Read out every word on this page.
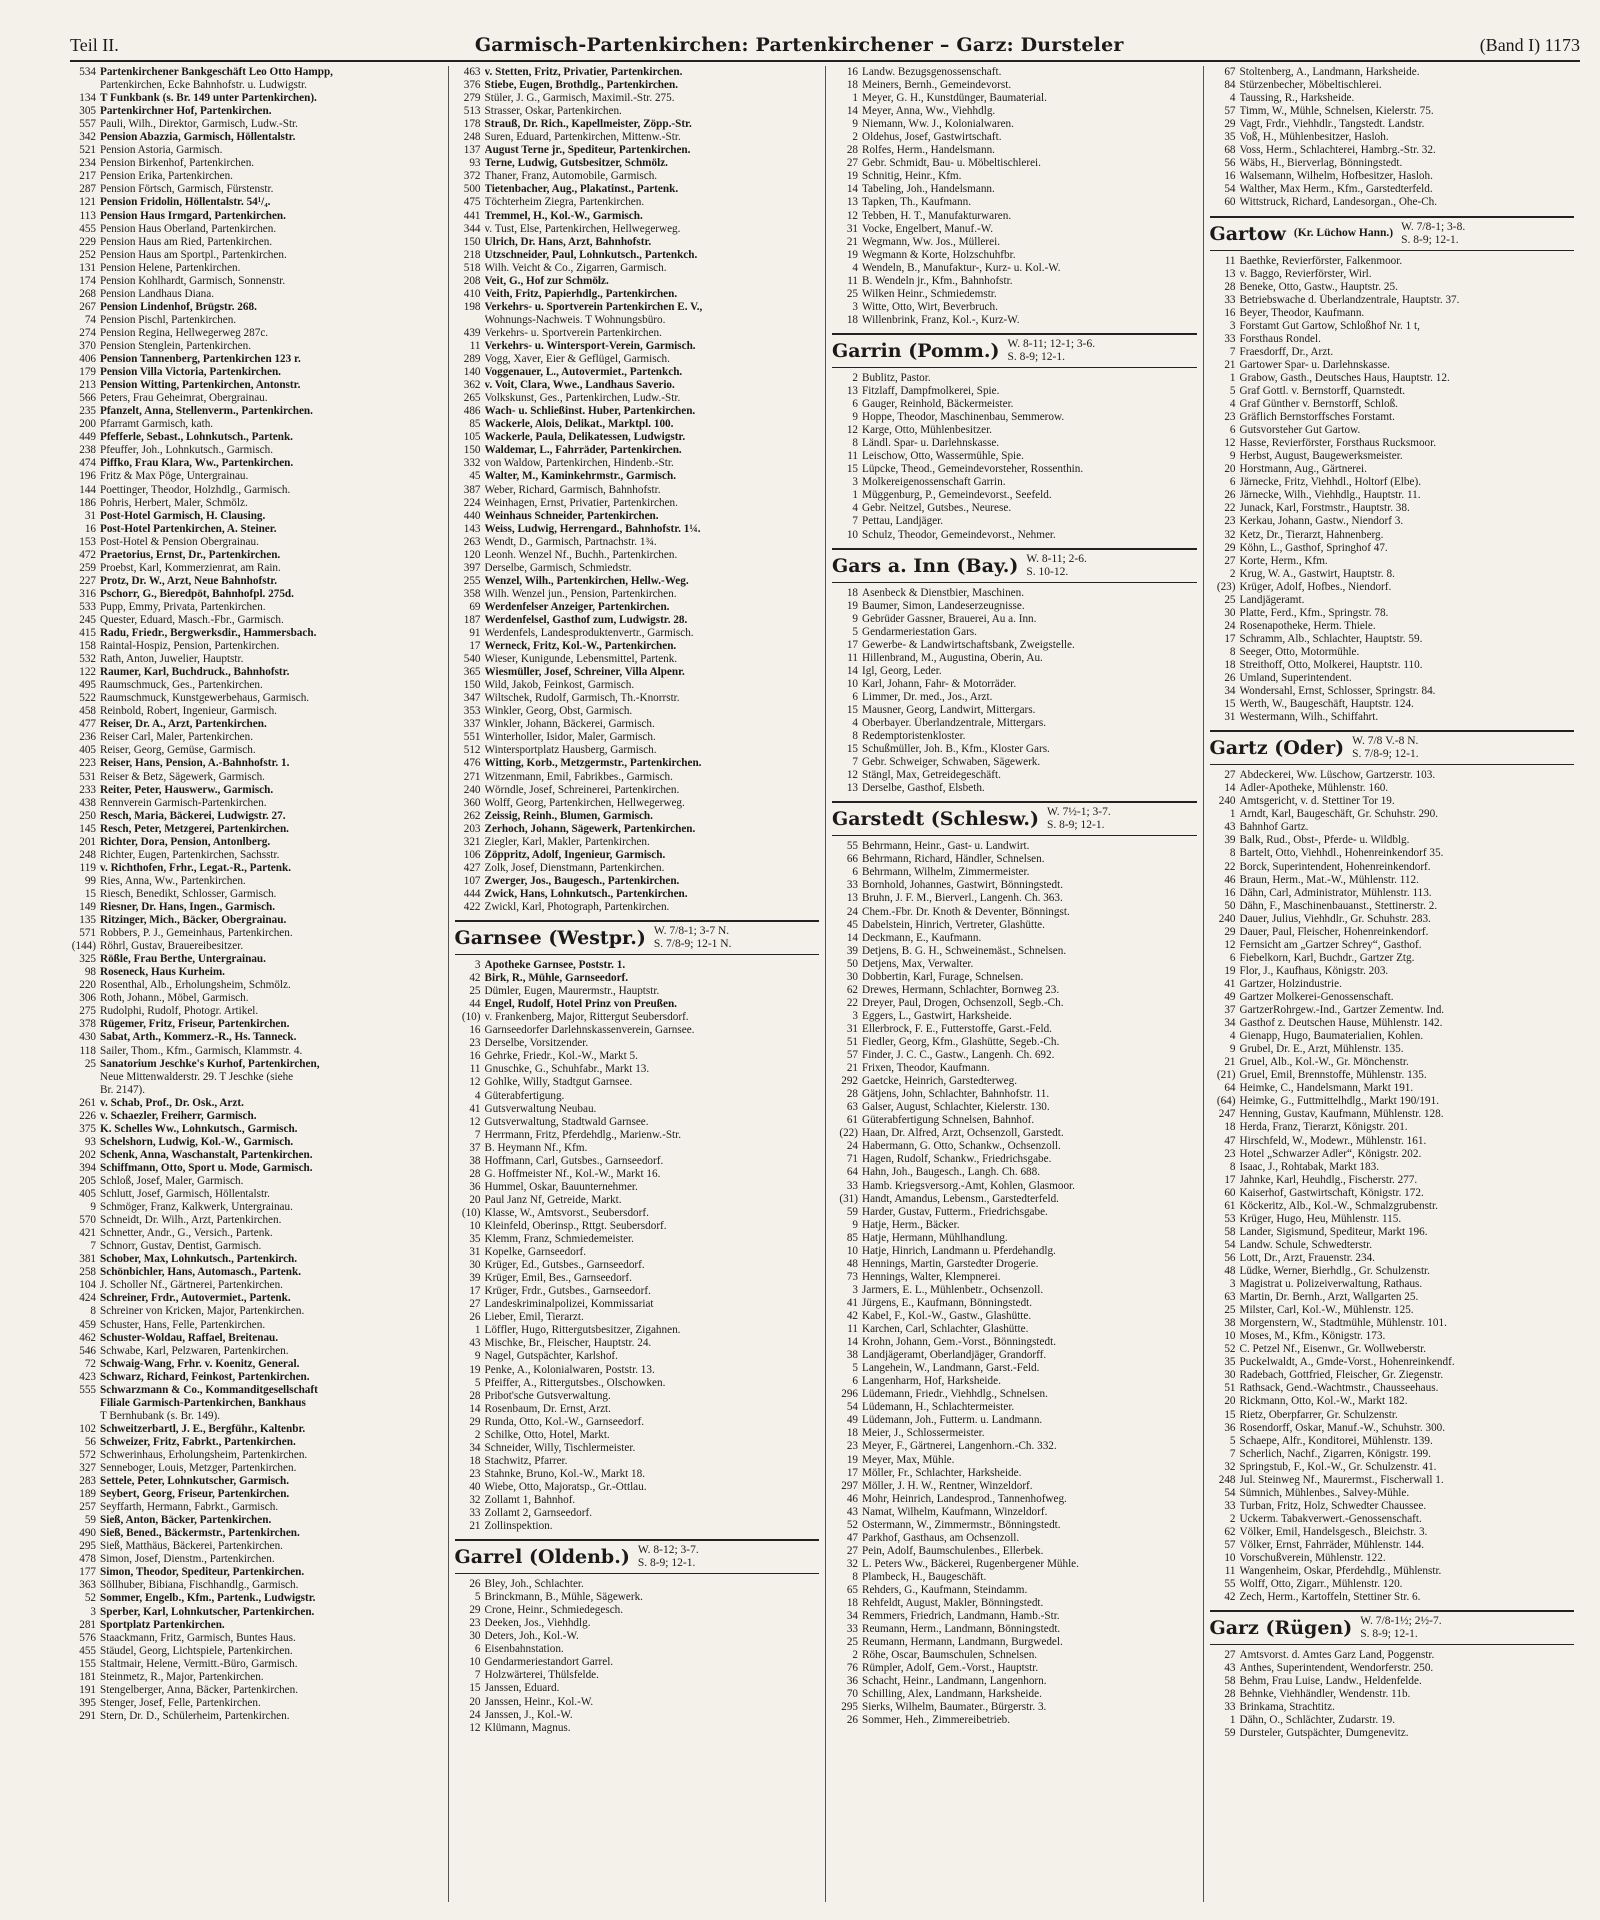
Teil II.	Garmisch-Partenkirchen: Partenkirchener – Garz: Dursteler	(Band I) 1173
534 Partenkirchener Bankgeschäft Leo Otto Hampp,
Partenkirchen, Ecke Bahnhofstr. u. Ludwigstr.
134 T Funkbank (s. Br. 149 unter Partenkirchen).
305 Partenkirchner Hof, Partenkirchen.
557 Pauli, Wilh., Direktor, Garmisch, Ludw.-Str.
342 Pension Abazzia, Garmisch, Höllentalstr.
521 Pension Astoria, Garmisch.
234 Pension Birkenhof, Partenkirchen.
217 Pension Erika, Partenkirchen.
287 Pension Förtsch, Garmisch, Fürstenstr.
121 Pension Fridolin, Höllentalstr. 54¹/₄.
113 Pension Haus Irmgard, Partenkirchen.
455 Pension Haus Oberland, Partenkirchen.
229 Pension Haus am Ried, Partenkirchen.
252 Pension Haus am Sportpl., Partenkirchen.
131 Pension Helene, Partenkirchen.
174 Pension Kohlhardt, Garmisch, Sonnenstr.
268 Pension Landhaus Diana.
267 Pension Lindenhof, Brügstr. 268.
74 Pension Pischl, Partenkirchen.
274 Pension Regina, Hellwegerweg 287c.
370 Pension Stenglein, Partenkirchen.
406 Pension Tannenberg, Partenkirchen 123 r.
179 Pension Villa Victoria, Partenkirchen.
213 Pension Witting, Partenkirchen, Antonstr.
566 Peters, Frau Geheimrat, Obergrainau.
235 Pfanzelt, Anna, Stellenverm., Partenkirchen.
200 Pfarramt Garmisch, kath.
449 Pfefferle, Sebast., Lohnkutsch., Partenk.
238 Pfeuffer, Joh., Lohnkutsch., Garmisch.
474 Piffko, Frau Klara, Ww., Partenkirchen.
196 Fritz & Max Pöge, Untergrainau.
144 Poettinger, Theodor, Holzhdlg., Garmisch.
186 Pohris, Herbert, Maler, Schmölz.
31 Post-Hotel Garmisch, H. Clausing.
16 Post-Hotel Partenkirchen, A. Steiner.
153 Post-Hotel & Pension Obergrainau.
472 Praetorius, Ernst, Dr., Partenkirchen.
259 Proebst, Karl, Kommerzienrat, am Rain.
227 Protz, Dr. W., Arzt, Neue Bahnhofstr.
316 Pschorr, G., Bieredpöt, Bahnhofpl. 275d.
533 Pupp, Emmy, Privata, Partenkirchen.
245 Quester, Eduard, Masch.-Fbr., Garmisch.
415 Radu, Friedr., Bergwerksdir., Hammersbach.
158 Raintal-Hospiz, Pension, Partenkirchen.
532 Rath, Anton, Juwelier, Hauptstr.
122 Raumer, Karl, Buchdruck., Bahnhofstr.
495 Raumschmuck, Ges., Partenkirchen.
522 Raumschmuck, Kunstgewerbehaus, Garmisch.
458 Reinbold, Robert, Ingenieur, Garmisch.
477 Reiser, Dr. A., Arzt, Partenkirchen.
236 Reiser Carl, Maler, Partenkirchen.
405 Reiser, Georg, Gemüse, Garmisch.
223 Reiser, Hans, Pension, A.-Bahnhofstr. 1.
531 Reiser & Betz, Sägewerk, Garmisch.
233 Reiter, Peter, Hauswerw., Garmisch.
438 Rennverein Garmisch-Partenkirchen.
250 Resch, Maria, Bäckerei, Ludwigstr. 27.
145 Resch, Peter, Metzgerei, Partenkirchen.
201 Richter, Dora, Pension, Antonlberg.
248 Richter, Eugen, Partenkirchen, Sachsstr.
119 v. Richthofen, Frhr., Legat.-R., Partenk.
99 Ries, Anna, Ww., Partenkirchen.
15 Riesch, Benedikt, Schlosser, Garmisch.
149 Riesner, Dr. Hans, Ingen., Garmisch.
135 Ritzinger, Mich., Bäcker, Obergrainau.
571 Robbers, P. J., Gemeinhaus, Partenkirchen.
(144) Röhrl, Gustav, Brauereibesitzer.
325 Rößle, Frau Berthe, Untergrainau.
98 Roseneck, Haus Kurheim.
220 Rosenthal, Alb., Erholungsheim, Schmölz.
306 Roth, Johann., Möbel, Garmisch.
275 Rudolphi, Rudolf, Photogr. Artikel.
378 Rügemer, Fritz, Friseur, Partenkirchen.
430 Sabat, Arth., Kommerz.-R., Hs. Tanneck.
118 Sailer, Thom., Kfm., Garmisch, Klammstr. 4.
25 Sanatorium Jeschke's Kurhof, Partenkirchen,
Neue Mittenwalderstr. 29. T Jeschke (siehe
Br. 2147).
261 v. Schab, Prof., Dr. Osk., Arzt.
226 v. Schaezler, Freiherr, Garmisch.
375 K. Schelles Ww., Lohnkutsch., Garmisch.
93 Schelshorn, Ludwig, Kol.-W., Garmisch.
202 Schenk, Anna, Waschanstalt, Partenkirchen.
394 Schiffmann, Otto, Sport u. Mode, Garmisch.
205 Schloß, Josef, Maler, Garmisch.
405 Schlutt, Josef, Garmisch, Höllentalstr.
9 Schmöger, Franz, Kalkwerk, Untergrainau.
570 Schneidt, Dr. Wilh., Arzt, Partenkirchen.
421 Schnetter, Andr., G., Versich., Partenk.
7 Schnorr, Gustav, Dentist, Garmisch.
381 Schober, Max, Lohnkutsch., Partenkirch.
258 Schönbichler, Hans, Automasch., Partenk.
104 J. Scholler Nf., Gärtnerei, Partenkirchen.
424 Schreiner, Frdr., Autovermiet., Partenk.
8 Schreiner von Kricken, Major, Partenkirchen.
459 Schuster, Hans, Felle, Partenkirchen.
462 Schuster-Woldau, Raffael, Breitenau.
546 Schwabe, Karl, Pelzwaren, Partenkirchen.
72 Schwaig-Wang, Frhr. v. Koenitz, General.
423 Schwarz, Richard, Feinkost, Partenkirchen.
555 Schwarzmann & Co., Kommanditgesellschaft
Filiale Garmisch-Partenkirchen, Bankhaus
T Bernhubank (s. Br. 149).
102 Schweitzerbartl, J. E., Bergführ., Kaltenbr.
56 Schweizer, Fritz, Fabrkt., Partenkirchen.
572 Schwerinhaus, Erholungsheim, Partenkirchen.
327 Senneboger, Louis, Metzger, Partenkirchen.
283 Settele, Peter, Lohnkutscher, Garmisch.
189 Seybert, Georg, Friseur, Partenkirchen.
257 Seyffarth, Hermann, Fabrkt., Garmisch.
59 Sieß, Anton, Bäcker, Partenkirchen.
490 Sieß, Bened., Bäckermstr., Partenkirchen.
295 Sieß, Matthäus, Bäckerei, Partenkirchen.
478 Simon, Josef, Dienstm., Partenkirchen.
177 Simon, Theodor, Spediteur, Partenkirchen.
363 Söllhuber, Bibiana, Fischhandlg., Garmisch.
52 Sommer, Engelb., Kfm., Partenk., Ludwigstr.
3 Sperber, Karl, Lohnkutscher, Partenkirchen.
281 Sportplatz Partenkirchen.
576 Staackmann, Fritz, Garmisch, Buntes Haus.
455 Stäudel, Georg, Lichtspiele, Partenkirchen.
155 Staltmair, Helene, Vermitt.-Büro, Garmisch.
181 Steinmetz, R., Major, Partenkirchen.
191 Stengelberger, Anna, Bäcker, Partenkirchen.
395 Stenger, Josef, Felle, Partenkirchen.
291 Stern, Dr. D., Schülerheim, Partenkirchen.
463 v. Stetten, Fritz, Privatier, Partenkirchen.
376 Stiebe, Eugen, Brothdlg., Partenkirchen.
279 Stüler, J. G., Garmisch, Maximil.-Str. 275.
513 Strasser, Oskar, Partenkirchen.
178 Strauß, Dr. Rich., Kapellmeister, Zöpp.-Str.
248 Suren, Eduard, Partenkirchen, Mittenw.-Str.
137 August Terne jr., Spediteur, Partenkirchen.
93 Terne, Ludwig, Gutsbesitzer, Schmölz.
372 Thaner, Franz, Automobile, Garmisch.
500 Tietenbacher, Aug., Plakatinst., Partenk.
475 Töchterheim Ziegra, Partenkirchen.
441 Tremmel, H., Kol.-W., Garmisch.
344 v. Tust, Else, Partenkirchen, Hellwegerweg.
150 Ulrich, Dr. Hans, Arzt, Bahnhofstr.
218 Utzschneider, Paul, Lohnkutsch., Partenkch.
518 Wilh. Veicht & Co., Zigarren, Garmisch.
208 Veit, G., Hof zur Schmölz.
410 Veith, Fritz, Papierhdlg., Partenkirchen.
198 Verkehrs- u. Sportverein Partenkirchen E. V.,
Wohnungs-Nachweis. T Wohnungsbüro.
439 Verkehrs- u. Sportverein Partenkirchen.
11 Verkehrs- u. Wintersport-Verein, Garmisch.
289 Vogg, Xaver, Eier & Geflügel, Garmisch.
140 Voggenauer, L., Autovermiet., Partenkch.
362 v. Voit, Clara, Wwe., Landhaus Saverio.
265 Volkskunst, Ges., Partenkirchen, Ludw.-Str.
486 Wach- u. Schließinst. Huber, Partenkirchen.
85 Wackerle, Alois, Delikat., Marktpl. 100.
105 Wackerle, Paula, Delikatessen, Ludwigstr.
150 Waldemar, L., Fahrräder, Partenkirchen.
332 von Waldow, Partenkirchen, Hindenb.-Str.
45 Walter, M., Kaminkehrmstr., Garmisch.
387 Weber, Richard, Garmisch, Bahnhofstr.
224 Weinhagen, Ernst, Privatier, Partenkirchen.
440 Weinhaus Schneider, Partenkirchen.
143 Weiss, Ludwig, Herrengard., Bahnhofstr. 1¼.
263 Wendt, D., Garmisch, Partnachstr. 1¾.
120 Leonh. Wenzel Nf., Buchh., Partenkirchen.
397 Derselbe, Garmisch, Schmiedstr.
255 Wenzel, Wilh., Partenkirchen, Hellw.-Weg.
358 Wilh. Wenzel jun., Pension, Partenkirchen.
69 Werdenfelser Anzeiger, Partenkirchen.
187 Werdenfelsel, Gasthof zum, Ludwigstr. 28.
91 Werdenfels, Landesproduktenvertr., Garmisch.
17 Werneck, Fritz, Kol.-W., Partenkirchen.
540 Wieser, Kunigunde, Lebensmittel, Partenk.
365 Wiesmüller, Josef, Schreiner, Villa Alpenr.
150 Wild, Jakob, Feinkost, Garmisch.
347 Wiltschek, Rudolf, Garmisch, Th.-Knorrstr.
353 Winkler, Georg, Obst, Garmisch.
337 Winkler, Johann, Bäckerei, Garmisch.
551 Winterholler, Isidor, Maler, Garmisch.
512 Wintersportplatz Hausberg, Garmisch.
476 Witting, Korb., Metzgermstr., Partenkirchen.
271 Witzenmann, Emil, Fabrikbes., Garmisch.
240 Wörndle, Josef, Schreinerei, Partenkirchen.
360 Wolff, Georg, Partenkirchen, Hellwegerweg.
262 Zeissig, Reinh., Blumen, Garmisch.
203 Zerhoch, Johann, Sägewerk, Partenkirchen.
321 Ziegler, Karl, Makler, Partenkirchen.
106 Zöppritz, Adolf, Ingenieur, Garmisch.
427 Zolk, Josef, Dienstmann, Partenkirchen.
107 Zwerger, Jos., Baugesch., Partenkirchen.
444 Zwick, Hans, Lohnkutsch., Partenkirchen.
422 Zwickl, Karl, Photograph, Partenkirchen.
Garnsee (Westpr.) W. 7/8-1; 3-7 N.
S. 7/8-9; 12-1 N.
3 Apotheke Garnsee, Poststr. 1.
42 Birk, R., Mühle, Garnseedorf.
25 Dümler, Eugen, Maurermstr., Hauptstr.
44 Engel, Rudolf, Hotel Prinz von Preußen.
(10) v. Frankenberg, Major, Rittergut Seubersdorf.
16 Garnseedorfer Darlehnskassenverein, Garnsee.
23 Derselbe, Vorsitzender.
16 Gehrke, Friedr., Kol.-W., Markt 5.
11 Gnuschke, G., Schuhfabr., Markt 13.
12 Gohlke, Willy, Stadtgut Garnsee.
4 Güterabfertigung.
41 Gutsverwaltung Neubau.
12 Gutsverwaltung, Stadtwald Garnsee.
7 Herrmann, Fritz, Pferdehdlg., Marienw.-Str.
37 B. Heymann Nf., Kfm.
38 Hoffmann, Carl, Gutsbes., Garnseedorf.
28 G. Hoffmeister Nf., Kol.-W., Markt 16.
36 Hummel, Oskar, Bauunternehmer.
20 Paul Janz Nf, Getreide, Markt.
(10) Klasse, W., Amtsvorst., Seubersdorf.
10 Kleinfeld, Oberinsp., Rttgt. Seubersdorf.
35 Klemm, Franz, Schmiedemeister.
31 Kopelke, Garnseedorf.
30 Krüger, Ed., Gutsbes., Garnseedorf.
39 Krüger, Emil, Bes., Garnseedorf.
17 Krüger, Frdr., Gutsbes., Garnseedorf.
27 Landeskriminalpolizei, Kommissariat
26 Lieber, Emil, Tierarzt.
1 Löffler, Hugo, Rittergutsbesitzer, Zigahnen.
43 Mischke, Br., Fleischer, Hauptstr. 24.
9 Nagel, Gutspächter, Karlshof.
19 Penke, A., Kolonialwaren, Poststr. 13.
5 Pfeiffer, A., Rittergutsbes., Olschowken.
28 Pribot'sche Gutsverwaltung.
14 Rosenbaum, Dr. Ernst, Arzt.
29 Runda, Otto, Kol.-W., Garnseedorf.
2 Schilke, Otto, Hotel, Markt.
34 Schneider, Willy, Tischlermeister.
18 Stachwitz, Pfarrer.
23 Stahnke, Bruno, Kol.-W., Markt 18.
40 Wiebe, Otto, Majoratsp., Gr.-Ottlau.
32 Zollamt 1, Bahnhof.
33 Zollamt 2, Garnseedorf.
21 Zollinspektion.
Garrel (Oldenb.) W. 8-12; 3-7.
S. 8-9; 12-1.
26 Bley, Joh., Schlachter.
5 Brinckmann, B., Mühle, Sägewerk.
29 Crone, Heinr., Schmiedegesch.
23 Deeken, Jos., Viehhdlg.
30 Deters, Joh., Kol.-W.
6 Eisenbahnstation.
10 Gendarmeriestandort Garrel.
7 Holzwärterei, Thülsfelde.
15 Janssen, Eduard.
20 Janssen, Heinr., Kol.-W.
24 Janssen, J., Kol.-W.
12 Klümann, Magnus.
16 Landw. Bezugsgenossenschaft.
18 Meiners, Bernh., Gemeindevorst.
1 Meyer, G. H., Kunstdünger, Baumaterial.
14 Meyer, Anna, Ww., Viehhdlg.
9 Niemann, Ww. J., Kolonialwaren.
2 Oldehus, Josef, Gastwirtschaft.
28 Rolfes, Herm., Handelsmann.
27 Gebr. Schmidt, Bau- u. Möbeltischlerei.
19 Schnitig, Heinr., Kfm.
14 Tabeling, Joh., Handelsmann.
13 Tapken, Th., Kaufmann.
12 Tebben, H. T., Manufakturwaren.
31 Vocke, Engelbert, Manuf.-W.
21 Wegmann, Ww. Jos., Müllerei.
19 Wegmann & Korte, Holzschuhfbr.
4 Wendeln, B., Manufaktur-, Kurz- u. Kol.-W.
11 B. Wendeln jr., Kfm., Bahnhofstr.
25 Wilken Heinr., Schmiedemstr.
3 Witte, Otto, Wirt, Beverbruch.
18 Willenbrink, Franz, Kol.-, Kurz-W.
Garrin (Pomm.) W. 8-11; 12-1; 3-6.
S. 8-9; 12-1.
2 Bublitz, Pastor.
13 Fitzlaff, Dampfmolkerei, Spie.
6 Gauger, Reinhold, Bäckermeister.
9 Hoppe, Theodor, Maschinenbau, Semmerow.
12 Karge, Otto, Mühlenbesitzer.
8 Ländl. Spar- u. Darlehnskasse.
11 Leischow, Otto, Wassermühle, Spie.
15 Lüpcke, Theod., Gemeindevorsteher, Rossenthin.
3 Molkereigenossenschaft Garrin.
1 Müggenburg, P., Gemeindevorst., Seefeld.
4 Gebr. Neitzel, Gutsbes., Neurese.
7 Pettau, Landjäger.
10 Schulz, Theodor, Gemeindevorst., Nehmer.
Gars a. Inn (Bay.) W. 8-11; 2-6.
S. 10-12.
18 Asenbeck & Dienstbier, Maschinen.
19 Baumer, Simon, Landeserzeugnisse.
9 Gebrüder Gassner, Brauerei, Au a. Inn.
5 Gendarmeriestation Gars.
17 Gewerbe- & Landwirtschaftsbank, Zweigstelle.
11 Hillenbrand, M., Augustina, Oberin, Au.
14 Igl, Georg, Leder.
10 Karl, Johann, Fahr- & Motorräder.
6 Limmer, Dr. med., Jos., Arzt.
15 Mausner, Georg, Landwirt, Mittergars.
4 Oberbayer. Überlandzentrale, Mittergars.
8 Redemptoristenkloster.
15 Schußmüller, Joh. B., Kfm., Kloster Gars.
7 Gebr. Schweiger, Schwaben, Sägewerk.
12 Stängl, Max, Getreidegeschäft.
13 Derselbe, Gasthof, Elsbeth.
Garstedt (Schlesw.) W. 7½-1; 3-7.
S. 8-9; 12-1.
55 Behrmann, Heinr., Gast- u. Landwirt.
66 Behrmann, Richard, Händler, Schnelsen.
6 Behrmann, Wilhelm, Zimmermeister.
33 Bornhold, Johannes, Gastwirt, Bönningstedt.
13 Bruhn, J. F. M., Bierverl., Langenh. Ch. 363.
24 Chem.-Fbr. Dr. Knoth & Deventer, Bönningst.
45 Dabelstein, Hinrich, Vertreter, Glashütte.
14 Deckmann, E., Kaufmann.
39 Detjens, B. G. H., Schweinemäst., Schnelsen.
50 Detjens, Max, Verwalter.
30 Dobbertin, Karl, Furage, Schnelsen.
62 Drewes, Hermann, Schlachter, Bornweg 23.
22 Dreyer, Paul, Drogen, Ochsenzoll, Segb.-Ch.
3 Eggers, L., Gastwirt, Harksheide.
31 Ellerbrock, F. E., Futterstoffe, Garst.-Feld.
51 Fiedler, Georg, Kfm., Glashütte, Segeb.-Ch.
57 Finder, J. C. C., Gastw., Langenh. Ch. 692.
21 Frixen, Theodor, Kaufmann.
292 Gaetcke, Heinrich, Garstedterweg.
28 Gätjens, John, Schlachter, Bahnhofstr. 11.
63 Galser, August, Schlachter, Kielerstr. 130.
61 Güterabfertigung Schnelsen, Bahnhof.
(22) Haan, Dr. Alfred, Arzt, Ochsenzoll, Garstedt.
24 Habermann, G. Otto, Schankw., Ochsenzoll.
71 Hagen, Rudolf, Schankw., Friedrichsgabe.
64 Hahn, Joh., Baugesch., Langh. Ch. 688.
33 Hamb. Kriegsversorg.-Amt, Kohlen, Glasmoor.
(31) Handt, Amandus, Lebensm., Garstedterfeld.
59 Harder, Gustav, Futterm., Friedrichsgabe.
9 Hatje, Herm., Bäcker.
85 Hatje, Hermann, Mühlhandlung.
10 Hatje, Hinrich, Landmann u. Pferdehandlg.
48 Hennings, Martin, Garstedter Drogerie.
73 Hennings, Walter, Klempnerei.
3 Jarmers, E. L., Mühlenbetr., Ochsenzoll.
41 Jürgens, E., Kaufmann, Bönningstedt.
42 Kabel, F., Kol.-W., Gastw., Glashütte.
11 Karchen, Carl, Schlachter, Glashütte.
14 Krohn, Johann, Gem.-Vorst., Bönningstedt.
38 Landjägeramt, Oberlandjäger, Grandorff.
5 Langehein, W., Landmann, Garst.-Feld.
6 Langenharm, Hof, Harksheide.
296 Lüdemann, Friedr., Viehhdlg., Schnelsen.
54 Lüdemann, H., Schlachtermeister.
49 Lüdemann, Joh., Futterm. u. Landmann.
18 Meier, J., Schlossermeister.
23 Meyer, F., Gärtnerei, Langenhorn.-Ch. 332.
19 Meyer, Max, Mühle.
17 Möller, Fr., Schlachter, Harksheide.
297 Möller, J. H. W., Rentner, Winzeldorf.
46 Mohr, Heinrich, Landesprod., Tannenhofweg.
43 Namat, Wilhelm, Kaufmann, Winzeldorf.
52 Ostermann, W., Zimmermstr., Bönningstedt.
47 Parkhof, Gasthaus, am Ochsenzoll.
27 Pein, Adolf, Baumschulenbes., Ellerbek.
32 L. Peters Ww., Bäckerei, Rugenbergener Mühle.
8 Plambeck, H., Baugeschäft.
65 Rehders, G., Kaufmann, Steindamm.
18 Rehfeldt, August, Makler, Bönningstedt.
34 Remmers, Friedrich, Landmann, Hamb.-Str.
33 Reumann, Herm., Landmann, Bönningstedt.
25 Reumann, Hermann, Landmann, Burgwedel.
2 Röhe, Oscar, Baumschulen, Schnelsen.
76 Rümpler, Adolf, Gem.-Vorst., Hauptstr.
36 Schacht, Heinr., Landmann, Langenhorn.
70 Schilling, Alex, Landmann, Harksheide.
295 Sierks, Wilhelm, Baumater., Bürgerstr. 3.
26 Sommer, Heh., Zimmereibetrieb.
67 Stoltenberg, A., Landmann, Harksheide.
84 Stürzenbecher, Möbeltischlerei.
4 Taussing, R., Harksheide.
57 Timm, W., Mühle, Schnelsen, Kielerstr. 75.
29 Vagt, Frdr., Viehhdlr., Tangstedt. Landstr.
35 Voß, H., Mühlenbesitzer, Hasloh.
68 Voss, Herm., Schlachterei, Hambrg.-Str. 32.
56 Wäbs, H., Bierverlag, Bönningstedt.
16 Walsemann, Wilhelm, Hofbesitzer, Hasloh.
54 Walther, Max Herm., Kfm., Garstedterfeld.
60 Wittstruck, Richard, Landesorgan., Ohe-Ch.
Gartow (Kr. Lüchow Hann.)
W. 7/8-1; 3-8.
S. 8-9; 12-1.
11 Baethke, Revierförster, Falkenmoor.
13 v. Baggo, Revierförster, Wirl.
28 Beneke, Otto, Gastw., Hauptstr. 25.
33 Betriebswache d. Überlandzentrale, Hauptstr. 37.
16 Beyer, Theodor, Kaufmann.
3 Forstamt Gut Gartow, Schloßhof Nr. 1 t,
33 Forsthaus Rondel.
7 Fraesdorff, Dr., Arzt.
21 Gartower Spar- u. Darlehnskasse.
1 Grabow, Gasth., Deutsches Haus, Hauptstr. 12.
5 Graf Gottl. v. Bernstorff, Quarnstedt.
4 Graf Günther v. Bernstorff, Schloß.
23 Gräflich Bernstorffsches Forstamt.
6 Gutsvorsteher Gut Gartow.
12 Hasse, Revierförster, Forsthaus Rucksmoor.
9 Herbst, August, Baugewerksmeister.
20 Horstmann, Aug., Gärtnerei.
6 Järnecke, Fritz, Viehhdl., Holtorf (Elbe).
26 Järnecke, Wilh., Viehhdlg., Hauptstr. 11.
22 Junack, Karl, Forstmstr., Hauptstr. 38.
23 Kerkau, Johann, Gastw., Niendorf 3.
32 Ketz, Dr., Tierarzt, Hahnenberg.
29 Köhn, L., Gasthof, Springhof 47.
27 Korte, Herm., Kfm.
2 Krug, W. A., Gastwirt, Hauptstr. 8.
(23) Krüger, Adolf, Hofbes., Niendorf.
25 Landjägeramt.
30 Platte, Ferd., Kfm., Springstr. 78.
24 Rosenapotheke, Herm. Thiele.
17 Schramm, Alb., Schlachter, Hauptstr. 59.
8 Seeger, Otto, Motormühle.
18 Streithoff, Otto, Molkerei, Hauptstr. 110.
26 Umland, Superintendent.
34 Wondersahl, Ernst, Schlosser, Springstr. 84.
15 Werth, W., Baugeschäft, Hauptstr. 124.
31 Westermann, Wilh., Schiffahrt.
Gartz (Oder) W. 7/8 V.-8 N.
S. 7/8-9; 12-1.
27 Abdeckerei, Ww. Lüschow, Gartzerstr. 103.
14 Adler-Apotheke, Mühlenstr. 160.
240 Amtsgericht, v. d. Stettiner Tor 19.
1 Arndt, Karl, Baugeschäft, Gr. Schuhstr. 290.
43 Bahnhof Gartz.
39 Balk, Rud., Obst-, Pferde- u. Wildblg.
8 Bartelt, Otto, Viehhdl., Hohenreinkendorf 35.
22 Borck, Superintendent, Hohenreinkendorf.
46 Braun, Herm., Mat.-W., Mühlenstr. 112.
16 Dähn, Carl, Administrator, Mühlenstr. 113.
50 Dähn, F., Maschinenbauanst., Stettinerstr. 2.
240 Dauer, Julius, Viehhdlr., Gr. Schuhstr. 283.
29 Dauer, Paul, Fleischer, Hohenreinkendorf.
12 Fernsicht am „Gartzer Schrey“, Gasthof.
6 Fiebelkorn, Karl, Buchdr., Gartzer Ztg.
19 Flor, J., Kaufhaus, Königstr. 203.
41 Gartzer, Holzindustrie.
49 Gartzer Molkerei-Genossenschaft.
37 GartzerRohrgew.-Ind., Gartzer Zementw. Ind.
34 Gasthof z. Deutschen Hause, Mühlenstr. 142.
4 Gienapp, Hugo, Baumaterialien, Kohlen.
9 Grubel, Dr. E., Arzt, Mühlenstr. 135.
21 Gruel, Alb., Kol.-W., Gr. Mönchenstr.
(21) Gruel, Emil, Brennstoffe, Mühlenstr. 135.
64 Heimke, C., Handelsmann, Markt 191.
(64) Heimke, G., Futtmittelhdlg., Markt 190/191.
247 Henning, Gustav, Kaufmann, Mühlenstr. 128.
18 Herda, Franz, Tierarzt, Königstr. 201.
47 Hirschfeld, W., Modewr., Mühlenstr. 161.
23 Hotel „Schwarzer Adler“, Königstr. 202.
8 Isaac, J., Rohtabak, Markt 183.
17 Jahnke, Karl, Heuhdlg., Fischerstr. 277.
60 Kaiserhof, Gastwirtschaft, Königstr. 172.
61 Köckeritz, Alb., Kol.-W., Schmalzgrubenstr.
53 Krüger, Hugo, Heu, Mühlenstr. 115.
58 Lander, Sigismund, Spediteur, Markt 196.
54 Landw. Schule, Schwedterstr.
56 Lott, Dr., Arzt, Frauenstr. 234.
48 Lüdke, Werner, Bierhdlg., Gr. Schulzenstr.
3 Magistrat u. Polizeiverwaltung, Rathaus.
63 Martin, Dr. Bernh., Arzt, Wallgarten 25.
25 Milster, Carl, Kol.-W., Mühlenstr. 125.
38 Morgenstern, W., Stadtmühle, Mühlenstr. 101.
10 Moses, M., Kfm., Königstr. 173.
52 C. Petzel Nf., Eisenwr., Gr. Wollweberstr.
35 Puckelwaldt, A., Gmde-Vorst., Hohenreinkendf.
30 Radebach, Gottfried, Fleischer, Gr. Ziegenstr.
51 Rathsack, Gend.-Wachtmstr., Chausseehaus.
20 Rickmann, Otto, Kol.-W., Markt 182.
15 Rietz, Oberpfarrer, Gr. Schulzenstr.
36 Rosendorff, Oskar, Manuf.-W., Schuhstr. 300.
5 Schaepe, Alfr., Konditorei, Mühlenstr. 139.
7 Scherlich, Nachf., Zigarren, Königstr. 199.
32 Springstub, F., Kol.-W., Gr. Schulzenstr. 41.
248 Jul. Steinweg Nf., Maurermst., Fischerwall 1.
54 Sümnich, Mühlenbes., Salvey-Mühle.
33 Turban, Fritz, Holz, Schwedter Chaussee.
2 Uckerm. Tabakverwert.-Genossenschaft.
62 Völker, Emil, Handelsgesch., Bleichstr. 3.
57 Völker, Ernst, Fahrräder, Mühlenstr. 144.
10 Vorschußverein, Mühlenstr. 122.
11 Wangenheim, Oskar, Pferdehdlg., Mühlenstr.
55 Wolff, Otto, Zigarr., Mühlenstr. 120.
42 Zech, Herm., Kartoffeln, Stettiner Str. 6.
Garz (Rügen) W. 7/8-1½; 2½-7.
S. 8-9; 12-1.
27 Amtsvorst. d. Amtes Garz Land, Poggenstr.
43 Anthes, Superintendent, Wendorferstr. 250.
58 Behm, Frau Luise, Landw., Heldenfelde.
28 Behnke, Viehhändler, Wendenstr. 11b.
33 Brinkama, Strachtitz.
1 Dähn, O., Schlächter, Zudarstr. 19.
59 Dursteler, Gutspächter, Dumgenevitz.
